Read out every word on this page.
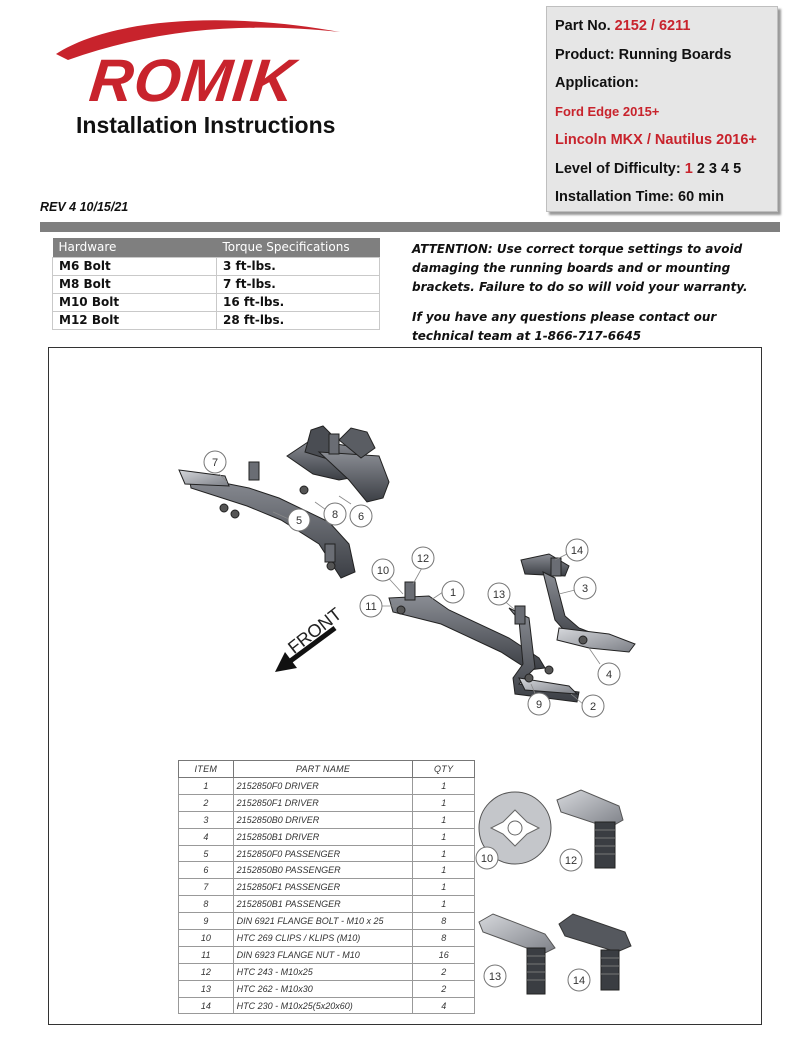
ROMIK
Installation Instructions
REV 4 10/15/21
Part No. 2152 / 6211
Product: Running Boards
Application:
Ford Edge 2015+
Lincoln MKX / Nautilus 2016+
Level of Difficulty: 1 2 3 4 5
Installation Time: 60 min
Hardware	Torque Specifications
M6 Bolt	3 ft-lbs.
M8 Bolt	7 ft-lbs.
M10 Bolt	16 ft-lbs.
M12 Bolt	28 ft-lbs.
ATTENTION: Use correct torque settings to avoid damaging the running boards and or mounting brackets. Failure to do so will void your warranty.
If you have any questions please contact our technical team at 1-866-717-6645
FRONT
7
8 6
5
12
10
11
1	13
14
3
4
9	2
10	12
13	14
ITEM	PART NAME	QTY
1	2152850F0 DRIVER	1
2	2152850F1 DRIVER	1
3	2152850B0 DRIVER	1
4	2152850B1 DRIVER	1
5	2152850F0 PASSENGER	1
6	2152850B0 PASSENGER	1
7	2152850F1 PASSENGER	1
8	2152850B1 PASSENGER	1
9	DIN 6921 FLANGE BOLT - M10 x 25	8
10	HTC 269 CLIPS / KLIPS (M10)	8
11	DIN 6923 FLANGE NUT - M10	16
12	HTC 243 - M10x25	2
13	HTC 262 - M10x30	2
14	HTC 230 - M10x25(5x20x60)	4
